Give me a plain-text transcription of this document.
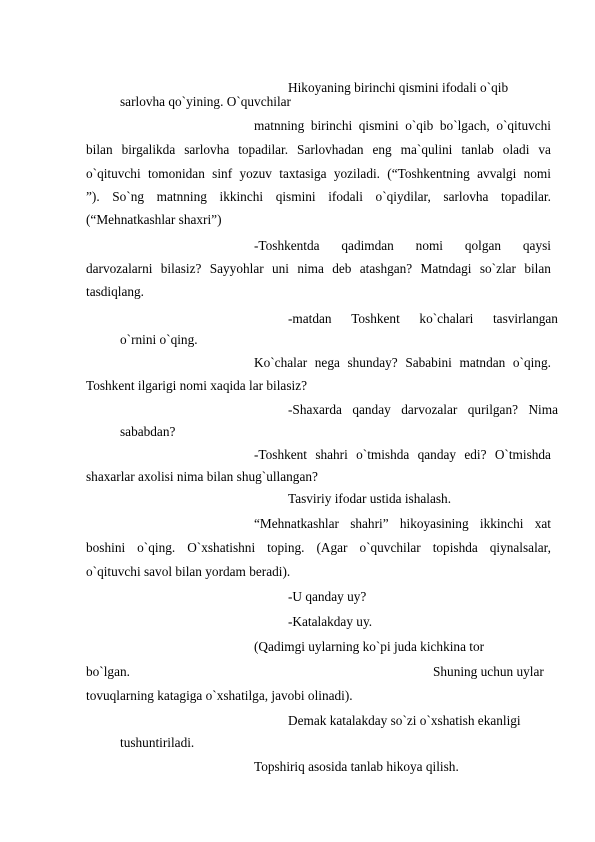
Hikoyaning birinchi qismini ifodali o`qib
sarlovha qo`yining. O`quvchilar
matnning birinchi qismini o`qib bo`lgach, o`qituvchi
bilan birgalikda sarlovha topadilar. Sarlovhadan eng ma`qulini tanlab oladi va
o`qituvchi tomonidan sinf yozuv taxtasiga yoziladi. (“Toshkentning avvalgi nomi
”). So`ng matnning ikkinchi qismini ifodali o`qiydilar, sarlovha topadilar.
(“Mehnatkashlar shaxri”)
-Toshkentda qadimdan nomi qolgan qaysi
darvozalarni bilasiz? Sayyohlar uni nima deb atashgan? Matndagi so`zlar bilan
tasdiqlang.
-matdan Toshkent ko`chalari tasvirlangan
o`rnini o`qing.
Ko`chalar nega shunday? Sababini matndan o`qing.
Toshkent ilgarigi nomi xaqida lar bilasiz?
-Shaxarda qanday darvozalar qurilgan? Nima
sababdan?
-Toshkent shahri o`tmishda qanday edi? O`tmishda
shaxarlar axolisi nima bilan shug`ullangan?
Tasviriy ifodar ustida ishalash.
“Mehnatkashlar shahri” hikoyasining ikkinchi xat
boshini o`qing. O`xshatishni toping. (Agar o`quvchilar topishda qiynalsalar,
o`qituvchi savol bilan yordam beradi).
-U qanday uy?
-Katalakday uy.
(Qadimgi uylarning ko`pi juda kichkina tor
bo`lgan.	Shuning uchun uylar
tovuqlarning katagiga o`xshatilga, javobi olinadi).
Demak katalakday so`zi o`xshatish ekanligi
tushuntiriladi.
Topshiriq asosida tanlab hikoya qilish.
